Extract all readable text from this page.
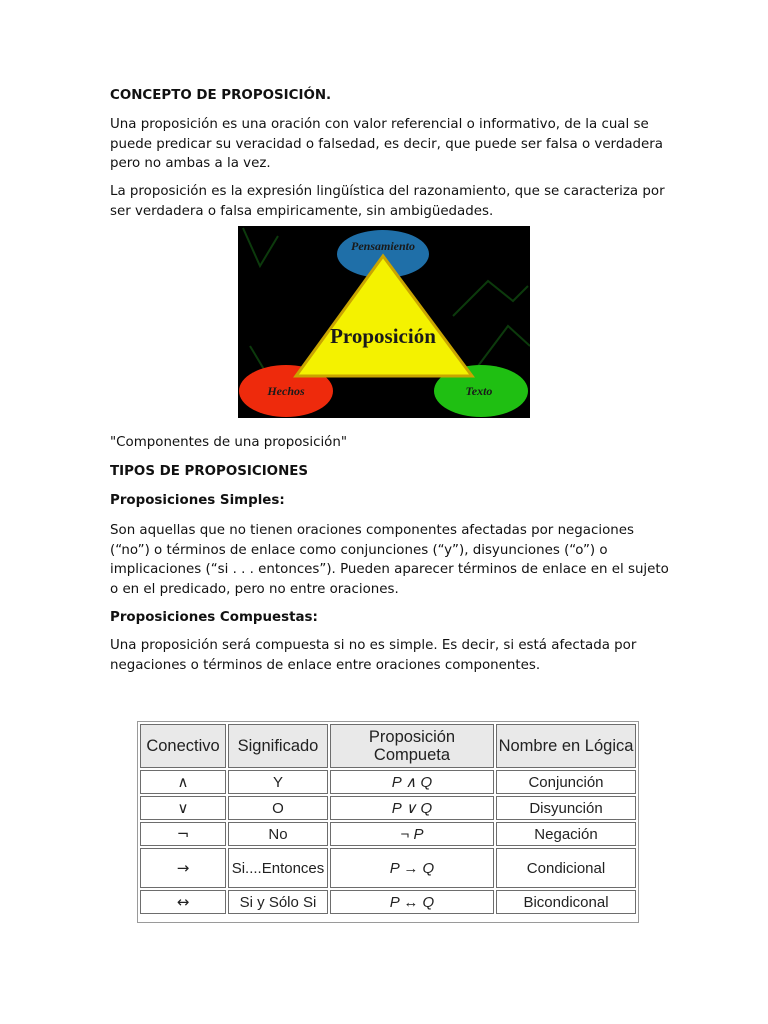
CONCEPTO DE PROPOSICIÓN.
Una proposición es una oración con valor referencial o informativo, de la cual se puede predicar su veracidad o falsedad, es decir, que puede ser falsa o verdadera pero no ambas a la vez.
La proposición es la expresión lingüística del razonamiento, que se caracteriza por ser verdadera o falsa empiricamente, sin ambigüedades.
Pensamiento
Proposición
Hechos	Texto
"Componentes de una proposición"
TIPOS DE PROPOSICIONES
Proposiciones Simples:
Son aquellas que no tienen oraciones componentes afectadas por negaciones (“no”) o términos de enlace como conjunciones (“y”), disyunciones (“o”) o implicaciones (“si . . . entonces”). Pueden aparecer términos de enlace en el sujeto o en el predicado, pero no entre oraciones.
Proposiciones Compuestas:
Una proposición será compuesta si no es simple. Es decir, si está afectada por negaciones o términos de enlace entre oraciones componentes.
Conectivo	Significado	Proposición Compueta	Nombre en Lógica
∧	Y	P ∧ Q	Conjunción
∨	O	P ∨ Q	Disyunción
¬	No	¬ P	Negación
→	Si....Entonces	P → Q	Condicional
↔	Si y Sólo Si	P ↔ Q	Bicondiconal
